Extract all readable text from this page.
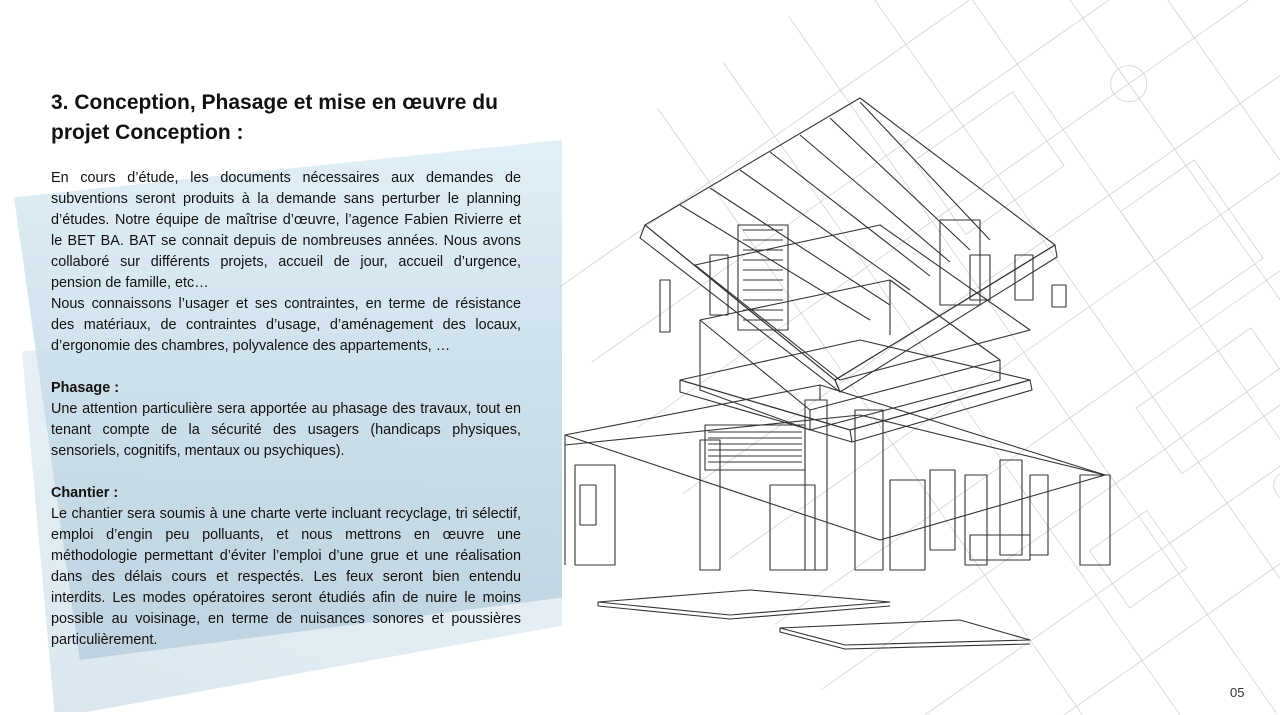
3. Conception, Phasage et mise en œuvre du projet Conception :

En cours d’étude, les documents nécessaires aux demandes de subventions seront produits à la demande sans perturber le planning d’études. Notre équipe de maîtrise d’œuvre, l’agence Fabien Rivierre et le BET BA. BAT se connait depuis de nombreuses années. Nous avons collaboré sur différents projets, accueil de jour, accueil d’urgence, pension de famille, etc…

Nous connaissons l’usager et ses contraintes, en terme de résistance des matériaux, de contraintes d’usage, d’aménagement des locaux, d’ergonomie des chambres, polyvalence des appartements, …

Phasage :

Une attention particulière sera apportée au phasage des travaux, tout en tenant compte de la sécurité des usagers (handicaps physiques, sensoriels, cognitifs, mentaux ou psychiques).

Chantier :

Le chantier sera soumis à une charte verte incluant recyclage, tri sélectif, emploi d’engin peu polluants, et nous mettrons en œuvre une méthodologie permettant d’éviter l’emploi d’une grue et une réalisation dans des délais cours et respectés. Les feux seront bien entendu interdits. Les modes opératoires seront étudiés afin de nuire le moins possible au voisinage, en terme de nuisances sonores et poussières particulièrement.

05
